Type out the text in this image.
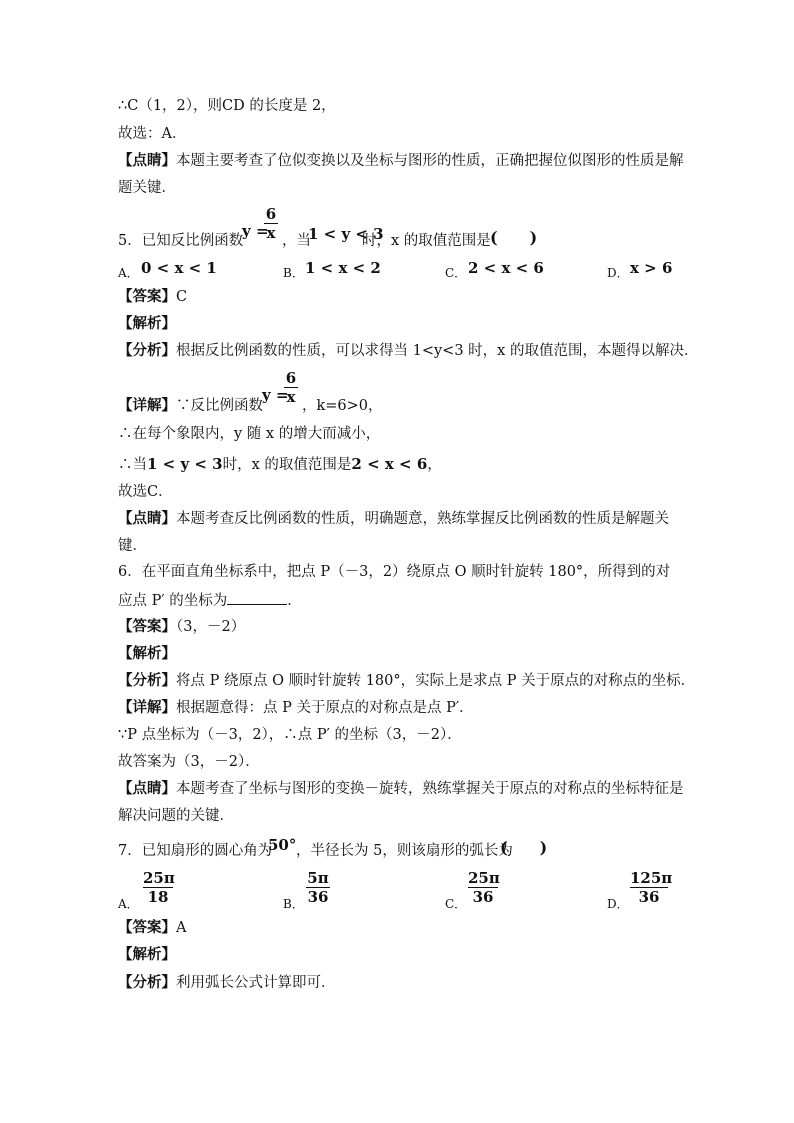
∴C（1，2），则CD 的长度是 2，
故选：A．
【点睛】本题主要考查了位似变换以及坐标与图形的性质，正确把握位似图形的性质是解
题关键．
5．已知反比例函数
y =
6
x ，当
1 < y < 3
时，x 的取值范围是 (　　)
A． 0 < x < 1	B． 1 < x < 2	C． 2 < x < 6	D． x > 6
【答案】C
【解析】
【分析】根据反比例函数的性质，可以求得当 1<y<3 时，x 的取值范围，本题得以解决．
【详解】∵反比例函数
y =
6
x ，k=6>0，
∴在每个象限内，y 随 x 的增大而减小，
∴当1 < y < 3时，x 的取值范围是2 < x < 6，
故选C．
【点睛】本题考查反比例函数的性质，明确题意，熟练掌握反比例函数的性质是解题关
键．
6．在平面直角坐标系中，把点 P（－3，2）绕原点 O 顺时针旋转 180°，所得到的对
应点 P′ 的坐标为	．
【答案】（3，－2）
【解析】
【分析】将点 P 绕原点 O 顺时针旋转 180°，实际上是求点 P 关于原点的对称点的坐标．
【详解】根据题意得：点 P 关于原点的对称点是点 P′．
∵P 点坐标为（－3，2），∴点 P′ 的坐标（3，－2）．
故答案为（3，－2）．
【点睛】本题考查了坐标与图形的变换－旋转，熟练掌握关于原点的对称点的坐标特征是
解决问题的关键．
7．已知扇形的圆心角为
50° ，半径长为 5，则该扇形的弧长为
(　　)
A．
25π
18	B．
5π
36	C．
25π
36	D．
125π
36
【答案】A
【解析】
【分析】利用弧长公式计算即可．
